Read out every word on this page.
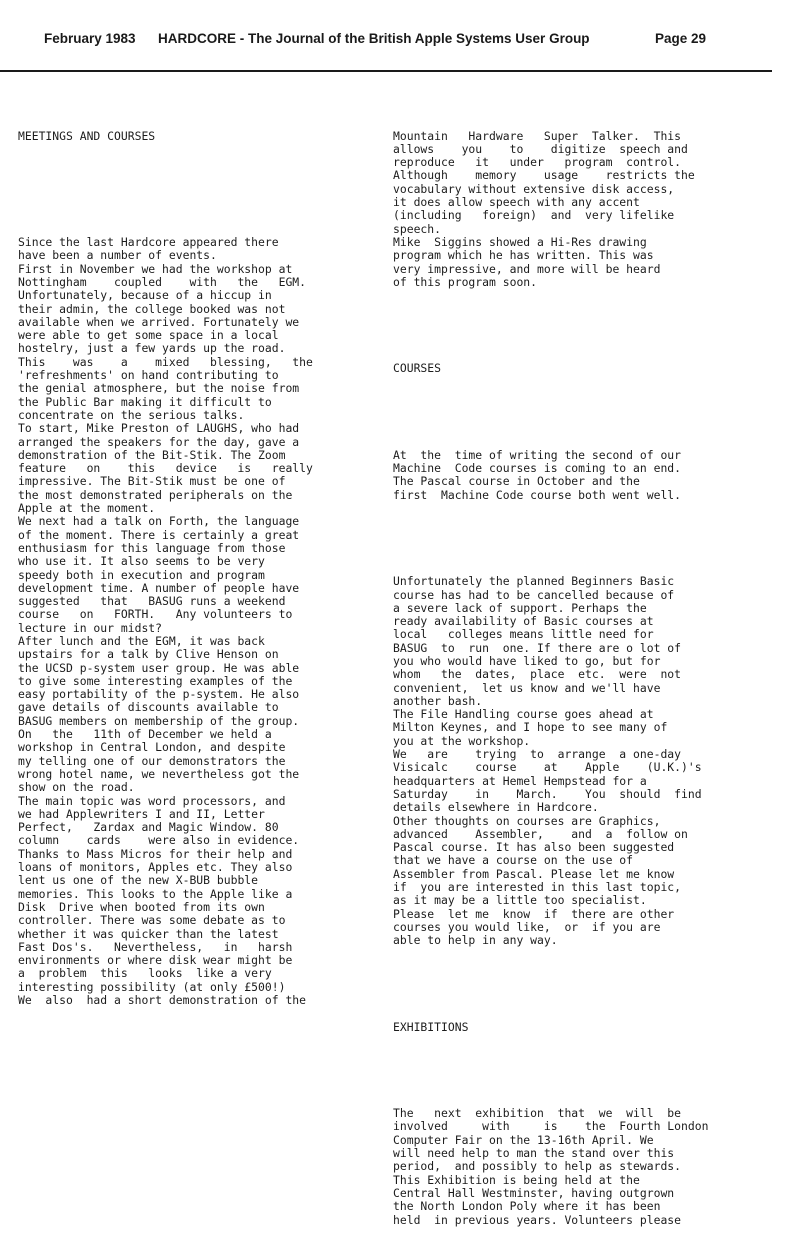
February 1983 HARDCORE - The Journal of the British Apple Systems User Group	Page 29

MEETINGS AND COURSES

Since the last Hardcore appeared there

have been a number of events.

First in November we had the workshop at

Nottingham    coupled    with   the   EGM.

Unfortunately, because of a hiccup in

their admin, the college booked was not

available when we arrived. Fortunately we

were able to get some space in a local

hostelry, just a few yards up the road.

This    was    a    mixed   blessing,   the

'refreshments' on hand contributing to

the genial atmosphere, but the noise from

the Public Bar making it difficult to

concentrate on the serious talks.

To start, Mike Preston of LAUGHS, who had

arranged the speakers for the day, gave a

demonstration of the Bit-Stik. The Zoom

feature   on    this   device   is   really

impressive. The Bit-Stik must be one of

the most demonstrated peripherals on the

Apple at the moment.

We next had a talk on Forth, the language

of the moment. There is certainly a great

enthusiasm for this language from those

who use it. It also seems to be very

speedy both in execution and program

development time. A number of people have

suggested   that   BASUG runs a weekend

course   on   FORTH.   Any volunteers to

lecture in our midst?

After lunch and the EGM, it was back

upstairs for a talk by Clive Henson on

the UCSD p-system user group. He was able

to give some interesting examples of the

easy portability of the p-system. He also

gave details of discounts available to

BASUG members on membership of the group.

On   the   11th of December we held a

workshop in Central London, and despite

my telling one of our demonstrators the

wrong hotel name, we nevertheless got the

show on the road.

The main topic was word processors, and

we had Applewriters I and II, Letter

Perfect,   Zardax and Magic Window. 80

column    cards    were also in evidence.

Thanks to Mass Micros for their help and

loans of monitors, Apples etc. They also

lent us one of the new X-BUB bubble

memories. This looks to the Apple like a

Disk  Drive when booted from its own

controller. There was some debate as to

whether it was quicker than the latest

Fast Dos's.   Nevertheless,   in   harsh

environments or where disk wear might be

a  problem  this   looks  like a very

interesting possibility (at only £500!)

We  also  had a short demonstration of the

Mountain   Hardware   Super  Talker.  This

allows    you    to    digitize  speech and

reproduce   it   under   program  control.

Although    memory    usage    restricts the

vocabulary without extensive disk access,

it does allow speech with any accent

(including   foreign)  and  very lifelike

speech.

Mike  Siggins showed a Hi-Res drawing

program which he has written. This was

very impressive, and more will be heard

of this program soon.

COURSES

At  the  time of writing the second of our

Machine  Code courses is coming to an end.

The Pascal course in October and the

first  Machine Code course both went well.

Unfortunately the planned Beginners Basic

course has had to be cancelled because of

a severe lack of support. Perhaps the

ready availability of Basic courses at

local   colleges means little need for

BASUG  to  run  one. If there are o lot of

you who would have liked to go, but for

whom   the  dates,  place  etc.  were  not

convenient,  let us know and we'll have

another bash.

The File Handling course goes ahead at

Milton Keynes, and I hope to see many of

you at the workshop.

We   are    trying  to  arrange  a one-day

Visicalc    course    at    Apple    (U.K.)'s

headquarters at Hemel Hempstead for a

Saturday    in    March.    You  should  find

details elsewhere in Hardcore.

Other thoughts on courses are Graphics,

advanced    Assembler,    and  a  follow on

Pascal course. It has also been suggested

that we have a course on the use of

Assembler from Pascal. Please let me know

if  you are interested in this last topic,

as it may be a little too specialist.

Please  let me  know  if  there are other

courses you would like,  or  if you are

able to help in any way.

EXHIBITIONS

The   next  exhibition  that  we  will  be

involved     with     is    the  Fourth London

Computer Fair on the 13-16th April. We

will need help to man the stand over this

period,  and possibly to help as stewards.

This Exhibition is being held at the

Central Hall Westminster, having outgrown

the North London Poly where it has been

held  in previous years. Volunteers please
